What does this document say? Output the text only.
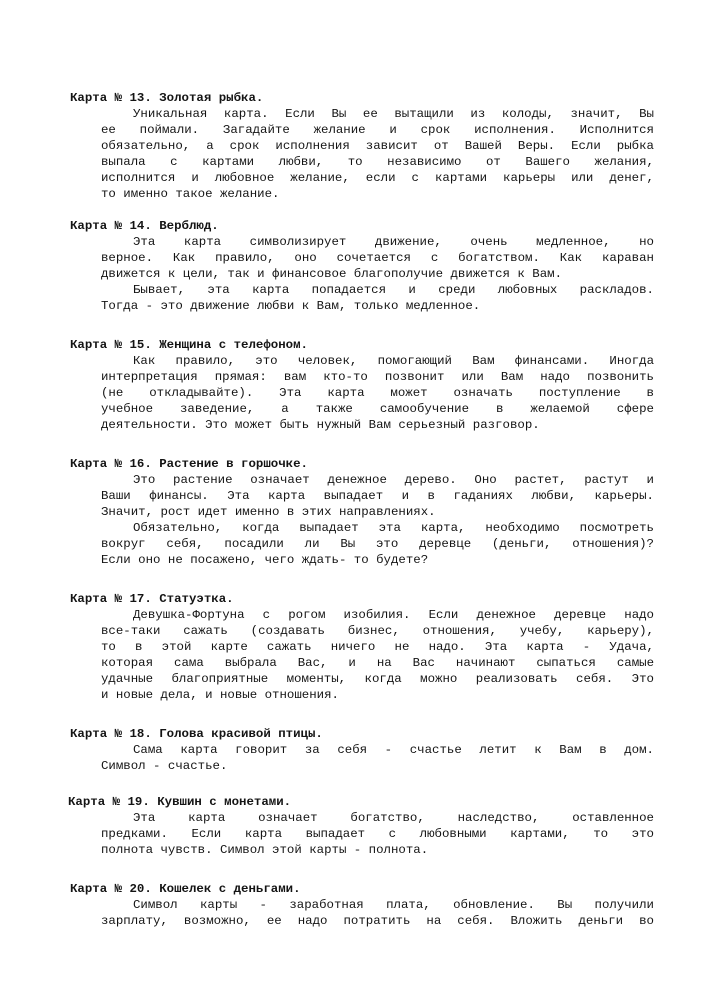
Карта № 13. Золотая рыбка.
Уникальная карта. Если Вы ее вытащили из колоды, значит, Вы
ее поймали. Загадайте желание и срок исполнения. Исполнится
обязательно, а срок исполнения зависит от Вашей Веры. Если рыбка
выпала с картами любви, то независимо от Вашего желания,
исполнится и любовное желание, если с картами карьеры или денег,
то именно такое желание.
Карта № 14. Верблюд.
Эта карта символизирует движение, очень медленное, но
верное. Как правило, оно сочетается с богатством. Как караван
движется к цели, так и финансовое благополучие движется к Вам.
Бывает, эта карта попадается и среди любовных раскладов.
Тогда - это движение любви к Вам, только медленное.
Карта № 15. Женщина с телефоном.
Как правило, это человек, помогающий Вам финансами. Иногда
интерпретация прямая: вам кто-то позвонит или Вам надо позвонить
(не откладывайте). Эта карта может означать поступление в
учебное заведение, а также самообучение в желаемой сфере
деятельности. Это может быть нужный Вам серьезный разговор.
Карта № 16. Растение в горшочке.
Это растение означает денежное дерево. Оно растет, растут и
Ваши финансы. Эта карта выпадает и в гаданиях любви, карьеры.
Значит, рост идет именно в этих направлениях.
Обязательно, когда выпадает эта карта, необходимо посмотреть
вокруг себя, посадили ли Вы это деревце (деньги, отношения)?
Если оно не посажено, чего ждать- то будете?
Карта № 17. Статуэтка.
Девушка-Фортуна с рогом изобилия. Если денежное деревце надо
все-таки сажать (создавать бизнес, отношения, учебу, карьеру),
то в этой карте сажать ничего не надо. Эта карта - Удача,
которая сама выбрала Вас, и на Вас начинают сыпаться самые
удачные благоприятные моменты, когда можно реализовать себя. Это
и новые дела, и новые отношения.
Карта № 18. Голова красивой птицы.
Сама карта говорит за себя - счастье летит к Вам в дом.
Символ - счастье.
Карта № 19. Кувшин с монетами.
Эта карта означает богатство, наследство, оставленное
предками. Если карта выпадает с любовными картами, то это
полнота чувств. Символ этой карты - полнота.
Карта № 20. Кошелек с деньгами.
Символ карты - заработная плата, обновление. Вы получили
зарплату, возможно, ее надо потратить на себя. Вложить деньги во
